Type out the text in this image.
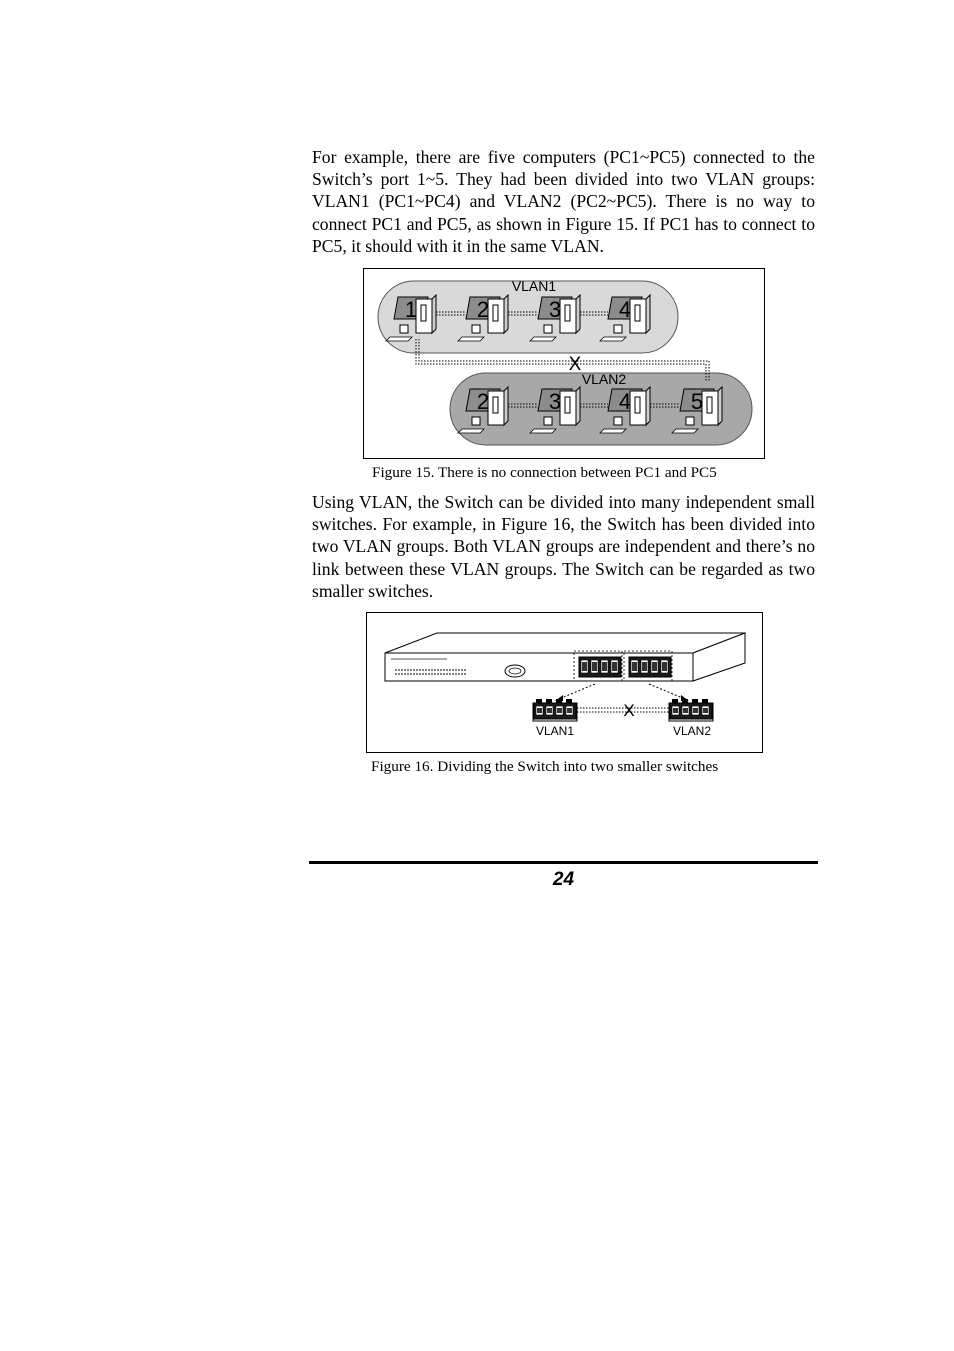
For example, there are five computers (PC1~PC5) connected to the Switch’s port 1~5. They had been divided into two VLAN groups: VLAN1 (PC1~PC4) and VLAN2 (PC2~PC5). There is no way to connect PC1 and PC5, as shown in Figure 15. If PC1 has to connect to PC5, it should with it in the same VLAN.

VLAN1
VLAN2
X
1	2	3	4
2	3	4	5
Figure 15. There is no connection between PC1 and PC5

Using VLAN, the Switch can be divided into many independent small switches. For example, in Figure 16, the Switch has been divided into two VLAN groups. Both VLAN groups are independent and there’s no link between these VLAN groups. The Switch can be regarded as two smaller switches.

X
VLAN1	VLAN2
Figure 16. Dividing the Switch into two smaller switches
24
